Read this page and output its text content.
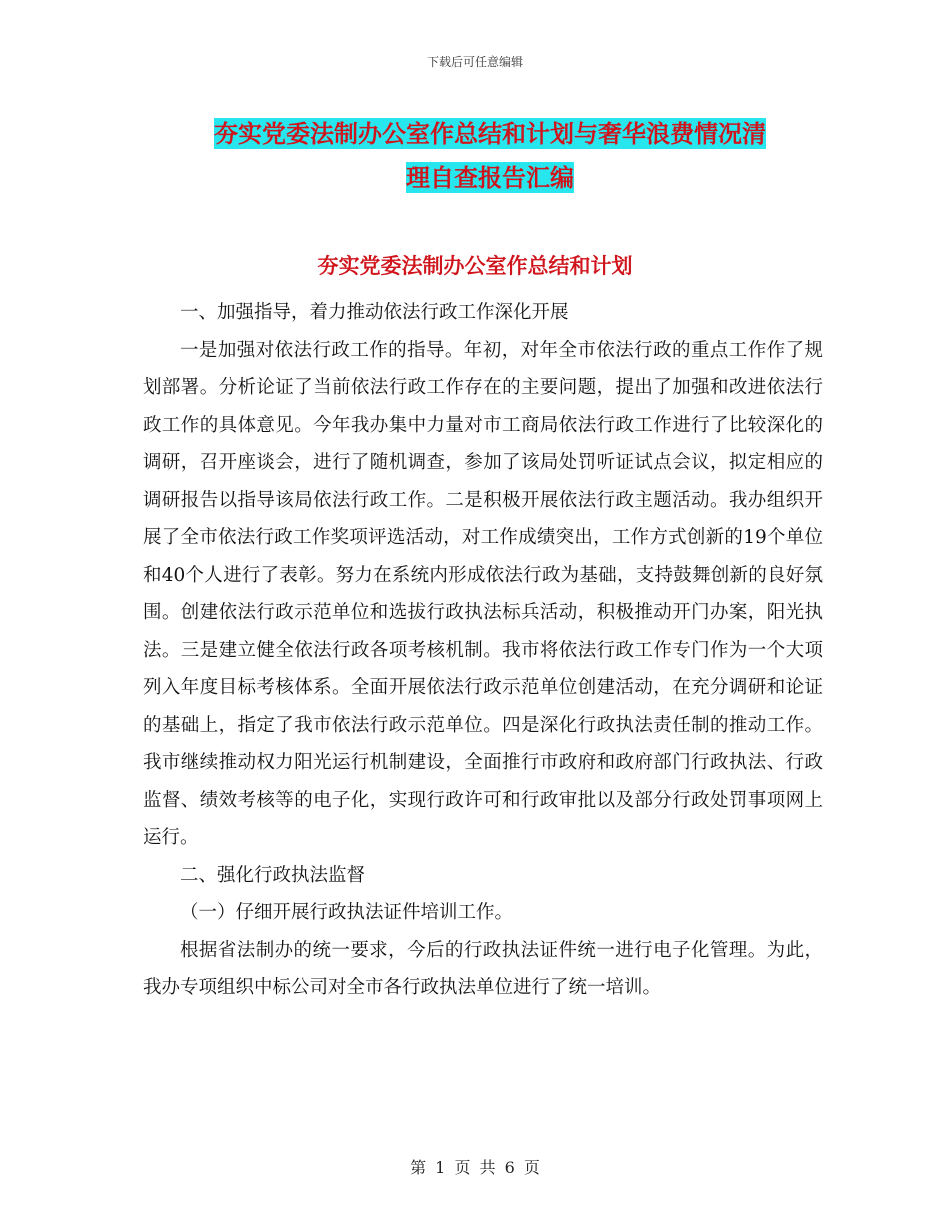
下载后可任意编辑
夯实党委法制办公室作总结和计划与奢华浪费情况清
理自查报告汇编
夯实党委法制办公室作总结和计划

一、加强指导，着力推动依法行政工作深化开展

一是加强对依法行政工作的指导。年初，对年全市依法行政的重点工作作了规划部署。分析论证了当前依法行政工作存在的主要问题，提出了加强和改进依法行政工作的具体意见。今年我办集中力量对市工商局依法行政工作进行了比较深化的调研，召开座谈会，进行了随机调查，参加了该局处罚听证试点会议，拟定相应的调研报告以指导该局依法行政工作。二是积极开展依法行政主题活动。我办组织开展了全市依法行政工作奖项评选活动，对工作成绩突出，工作方式创新的19个单位和40个人进行了表彰。努力在系统内形成依法行政为基础，支持鼓舞创新的良好氛围。创建依法行政示范单位和选拔行政执法标兵活动，积极推动开门办案，阳光执法。三是建立健全依法行政各项考核机制。我市将依法行政工作专门作为一个大项列入年度目标考核体系。全面开展依法行政示范单位创建活动，在充分调研和论证的基础上，指定了我市依法行政示范单位。四是深化行政执法责任制的推动工作。我市继续推动权力阳光运行机制建设，全面推行市政府和政府部门行政执法、行政监督、绩效考核等的电子化，实现行政许可和行政审批以及部分行政处罚事项网上运行。

二、强化行政执法监督

（一）仔细开展行政执法证件培训工作。

根据省法制办的统一要求，今后的行政执法证件统一进行电子化管理。为此，我办专项组织中标公司对全市各行政执法单位进行了统一培训。

第 1 页 共 6 页
